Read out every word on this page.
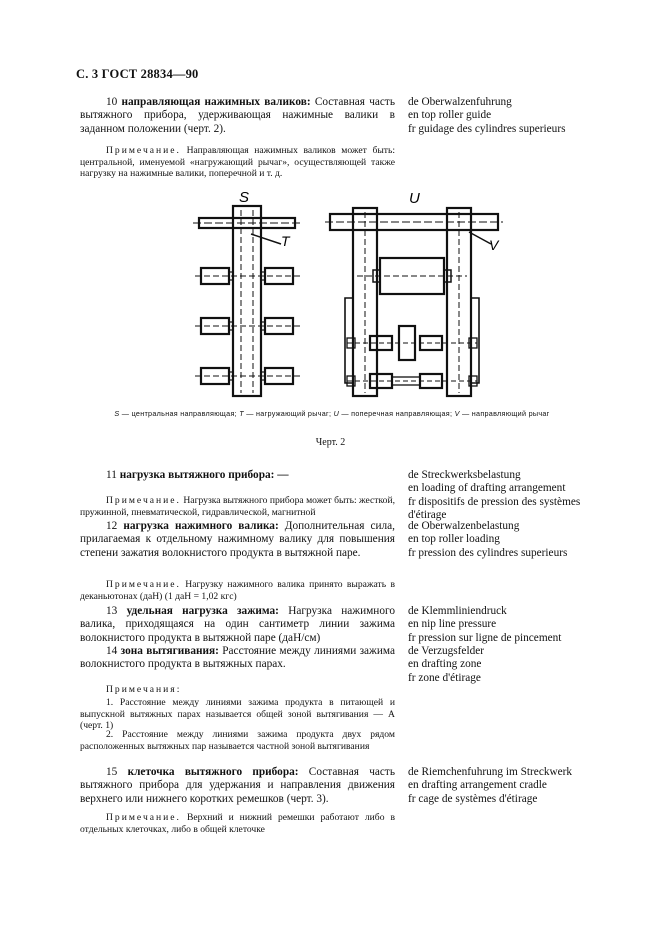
С. 3 ГОСТ 28834—90
10 направляющая нажимных валиков: Составная часть вытяжного прибора, удерживающая нажимные валики в заданном положении (черт. 2).
de Oberwalzenfuhrung
en top roller guide
fr guidage des cylindres superieurs
Примечание. Направляющая нажимных валиков может быть: центральной, именуемой «нагружающий рычаг», осуществляющей также нагрузку на нажимные валики, поперечной и т. д.
S
T
U
V
S — центральная направляющая; T — нагружающий рычаг; U — поперечная направляющая; V — направляющий рычаг
Черт. 2
11 нагрузка вытяжного прибора: —	de Streckwerksbelastung
en loading of drafting arrangement
fr dispositifs de pression des systèmes d'étirage
Примечание. Нагрузка вытяжного прибора может быть: жесткой, пружинной, пневматической, гидравлической, магнитной
12 нагрузка нажимного валика: Дополнительная сила, прилагаемая к отдельному нажимному валику для повышения степени зажатия волокнистого продукта в вытяжной паре.
de Oberwalzenbelastung
en top roller loading
fr pression des cylindres superieurs
Примечание. Нагрузку нажимного валика принято выражать в деканьютонах (даН) (1 даН = 1,02 кгс)
13 удельная нагрузка зажима: Нагрузка нажимного валика, приходящаяся на один сантиметр линии зажима волокнистого продукта в вытяжной паре (даН/см)
de Klemmliniendruck
en nip line pressure
fr pression sur ligne de pincement
14 зона вытягивания: Расстояние между линиями зажима волокнистого продукта в вытяжных парах.
de Verzugsfelder
en drafting zone
fr zone d'étirage
Примечания:
1. Расстояние между линиями зажима продукта в питающей и выпускной вытяжных парах называется общей зоной вытягивания — А (черт. 1)
2. Расстояние между линиями зажима продукта двух рядом расположенных вытяжных пар называется частной зоной вытягивания
15 клеточка вытяжного прибора: Составная часть вытяжного прибора для удержания и направления движения верхнего или нижнего коротких ремешков (черт. 3).
de Riemchenfuhrung im Streckwerk
en drafting arrangement cradle
fr cage de systèmes d'étirage
Примечание. Верхний и нижний ремешки работают либо в отдельных клеточках, либо в общей клеточке
